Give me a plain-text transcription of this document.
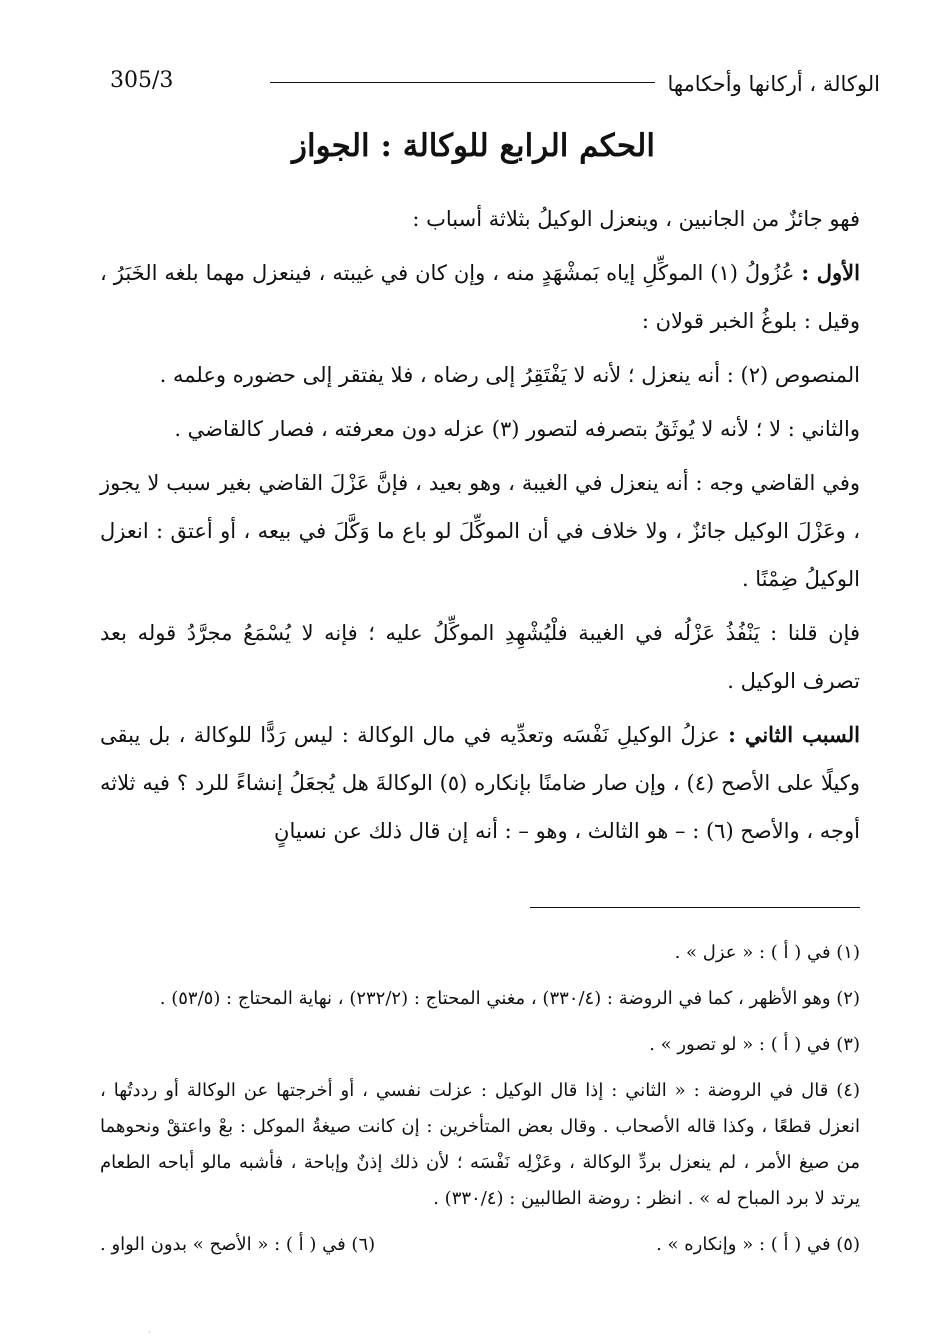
305/3	الوكالة ، أركانها وأحكامها
الحكم الرابع للوكالة : الجواز

فهو جائزٌ من الجانبين ، وينعزل الوكيلُ بثلاثة أسباب :

الأول : عُزُولُ (١) الموكِّلِ إياه بَمشْهَدٍ منه ، وإن كان في غيبته ، فينعزل مهما بلغه الخَبَرُ ، وقيل : بلوغُ الخبر قولان :

المنصوص (٢) : أنه ينعزل ؛ لأنه لا يَفْتَقِرُ إلى رضاه ، فلا يفتقر إلى حضوره وعلمه .

والثاني : لا ؛ لأنه لا يُوثَقُ بتصرفه لتصور (٣) عزله دون معرفته ، فصار كالقاضي .

وفي القاضي وجه : أنه ينعزل في الغيبة ، وهو بعيد ، فإنَّ عَزْلَ القاضي بغير سبب لا يجوز ، وعَزْلَ الوكيل جائزٌ ، ولا خلاف في أن الموكِّلَ لو باع ما وَكَّلَ في بيعه ، أو أعتق : انعزل الوكيلُ ضِمْنًا .

فإن قلنا : يَنْفُذُ عَزْلُه في الغيبة فلْيُشْهِدِ الموكِّلُ عليه ؛ فإنه لا يُسْمَعُ مجرَّدُ قوله بعد تصرف الوكيل .

السبب الثاني : عزلُ الوكيلِ نَفْسَه وتعدِّيه في مال الوكالة : ليس رَدًّا للوكالة ، بل يبقى وكيلًا على الأصح (٤) ، وإن صار ضامنًا بإنكاره (٥) الوكالةَ هل يُجعَلُ إنشاءً للرد ؟ فيه ثلاثه أوجه ، والأصح (٦) : – هو الثالث ، وهو – : أنه إن قال ذلك عن نسيانٍ

(١) في ( أ ) : « عزل » .

(٢) وهو الأظهر ، كما في الروضة : (٣٣٠/٤) ، مغني المحتاج : (٢٣٢/٢) ، نهاية المحتاج : (٥٣/٥) .

(٣) في ( أ ) : « لو تصور » .

(٤) قال في الروضة : « الثاني : إذا قال الوكيل : عزلت نفسي ، أو أخرجتها عن الوكالة أو رددتُها ، انعزل قطعًا ، وكذا قاله الأصحاب . وقال بعض المتأخرين : إن كانت صيغةُ الموكل : بعْ واعتقْ ونحوهما من صيغ الأمر ، لم ينعزل بردِّ الوكالة ، وعَزْلِه نَفْسَه ؛ لأن ذلك إذنٌ وإباحة ، فأشبه مالو أباحه الطعام يرتد لا برد المباح له » . انظر : روضة الطالبين : (٣٣٠/٤) .

(٥) في ( أ ) : « وإنكاره » .
(٦) في ( أ ) : « الأصح » بدون الواو .
·
